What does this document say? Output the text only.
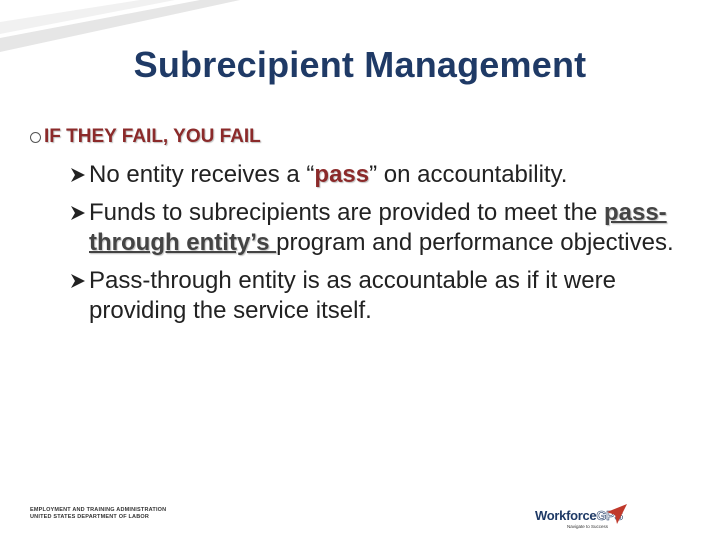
Subrecipient Management
IF THEY FAIL, YOU FAIL
No entity receives a “pass” on accountability.
Funds to subrecipients are provided to meet the pass-through entity’s program and performance objectives.
Pass-through entity is as accountable as if it were providing the service itself.
EMPLOYMENT AND TRAINING ADMINISTRATION
UNITED STATES DEPARTMENT OF LABOR	WorkforceGPS
Navigate to Success
